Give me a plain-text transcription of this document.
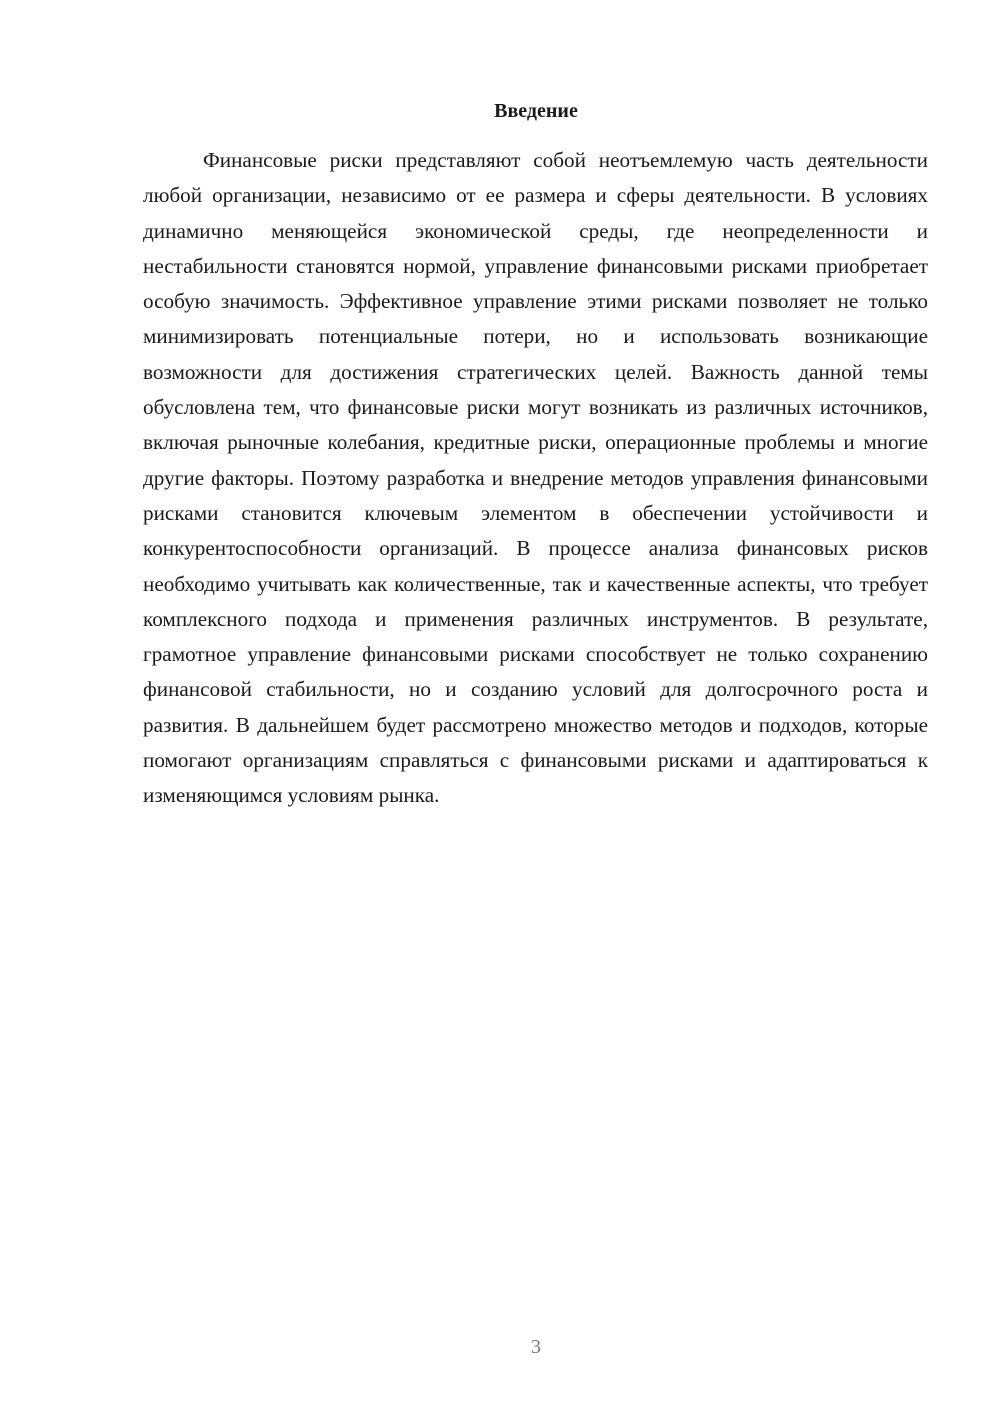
Введение

Финансовые риски представляют собой неотъемлемую часть деятельности любой организации, независимо от ее размера и сферы деятельности. В условиях динамично меняющейся экономической среды, где неопределенности и нестабильности становятся нормой, управление финансовыми рисками приобретает особую значимость. Эффективное управление этими рисками позволяет не только минимизировать потенциальные потери, но и использовать возникающие возможности для достижения стратегических целей. Важность данной темы обусловлена тем, что финансовые риски могут возникать из различных источников, включая рыночные колебания, кредитные риски, операционные проблемы и многие другие факторы. Поэтому разработка и внедрение методов управления финансовыми рисками становится ключевым элементом в обеспечении устойчивости и конкурентоспособности организаций. В процессе анализа финансовых рисков необходимо учитывать как количественные, так и качественные аспекты, что требует комплексного подхода и применения различных инструментов. В результате, грамотное управление финансовыми рисками способствует не только сохранению финансовой стабильности, но и созданию условий для долгосрочного роста и развития. В дальнейшем будет рассмотрено множество методов и подходов, которые помогают организациям справляться с финансовыми рисками и адаптироваться к изменяющимся условиям рынка.

3
